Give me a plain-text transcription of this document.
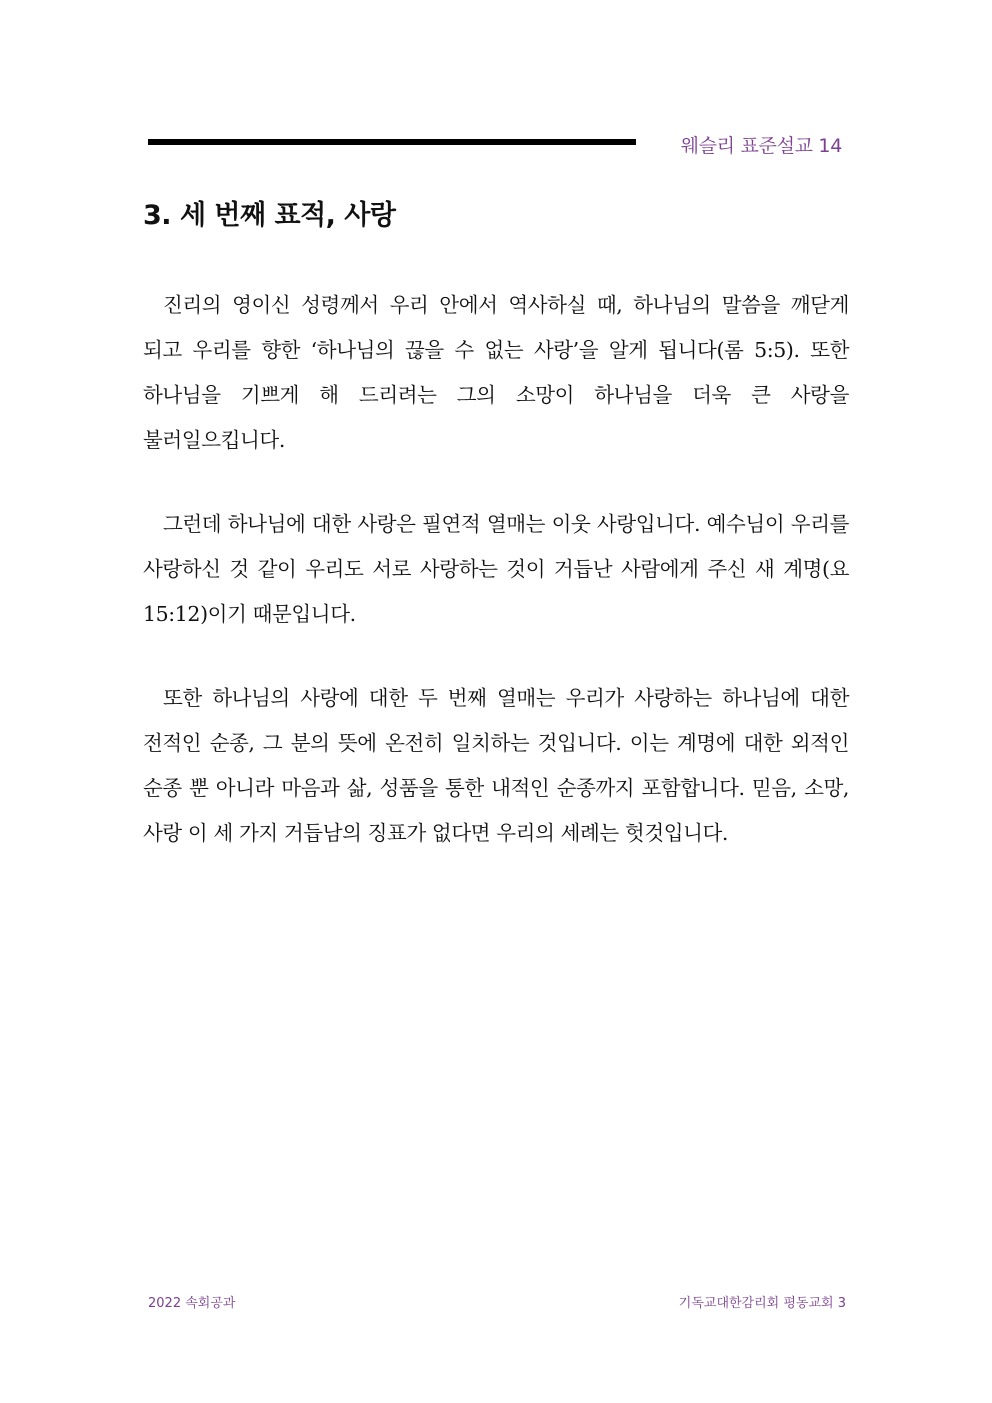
웨슬리 표준설교 14
3. 세 번째 표적, 사랑

진리의 영이신 성령께서 우리 안에서 역사하실 때, 하나님의 말씀을 깨닫게 되고 우리를 향한 ‘하나님의 끊을 수 없는 사랑’을 알게 됩니다(롬 5:5). 또한 하나님을 기쁘게 해 드리려는 그의 소망이 하나님을 더욱 큰 사랑을 불러일으킵니다.

그런데 하나님에 대한 사랑은 필연적 열매는 이웃 사랑입니다. 예수님이 우리를 사랑하신 것 같이 우리도 서로 사랑하는 것이 거듭난 사람에게 주신 새 계명(요 15:12)이기 때문입니다.

또한 하나님의 사랑에 대한 두 번째 열매는 우리가 사랑하는 하나님에 대한 전적인 순종, 그 분의 뜻에 온전히 일치하는 것입니다. 이는 계명에 대한 외적인 순종 뿐 아니라 마음과 삶, 성품을 통한 내적인 순종까지 포함합니다. 믿음, 소망, 사랑 이 세 가지 거듭남의 징표가 없다면 우리의 세례는 헛것입니다.

2022 속회공과	기독교대한감리회 평동교회 3
